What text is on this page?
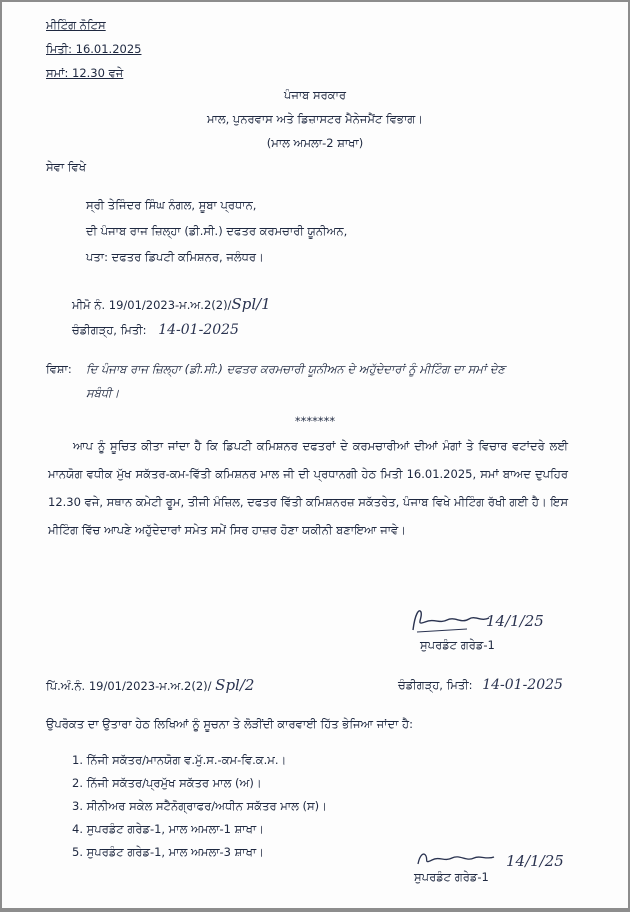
ਮੀਟਿੰਗ ਨੋਟਿਸ
ਮਿਤੀ: 16.01.2025
ਸਮਾਂ: 12.30 ਵਜੇ
ਪੰਜਾਬ ਸਰਕਾਰ
ਮਾਲ, ਪੁਨਰਵਾਸ ਅਤੇ ਡਿਜ਼ਾਸਟਰ ਮੈਨੇਜਮੈਂਟ ਵਿਭਾਗ।
(ਮਾਲ ਅਮਲਾ-2 ਸ਼ਾਖਾ)
ਸੇਵਾ ਵਿਖੇ
ਸ੍ਰੀ ਤੇਜਿੰਦਰ ਸਿੰਘ ਨੰਗਲ, ਸੂਬਾ ਪ੍ਰਧਾਨ,
ਦੀ ਪੰਜਾਬ ਰਾਜ ਜ਼ਿਲ੍ਹਾ (ਡੀ.ਸੀ.) ਦਫਤਰ ਕਰਮਚਾਰੀ ਯੂਨੀਅਨ,
ਪਤਾ: ਦਫਤਰ ਡਿਪਟੀ ਕਮਿਸ਼ਨਰ, ਜਲੰਧਰ।
ਮੀਮੋ ਨੰ. 19/01/2023-ਮ.ਅ.2(2)/Spl/1
ਚੰਡੀਗੜ੍ਹ, ਮਿਤੀ: 14-01-2025
ਵਿਸ਼ਾ: ਦਿ ਪੰਜਾਬ ਰਾਜ ਜ਼ਿਲ੍ਹਾ (ਡੀ.ਸੀ.) ਦਫਤਰ ਕਰਮਚਾਰੀ ਯੂਨੀਅਨ ਦੇ ਅਹੁੱਦੇਦਾਰਾਂ ਨੂੰ ਮੀਟਿੰਗ ਦਾ ਸਮਾਂ ਦੇਣ
ਸਬੰਧੀ।
*******
ਆਪ ਨੂੰ ਸੂਚਿਤ ਕੀਤਾ ਜਾਂਦਾ ਹੈ ਕਿ ਡਿਪਟੀ ਕਮਿਸ਼ਨਰ ਦਫਤਰਾਂ ਦੇ ਕਰਮਚਾਰੀਆਂ ਦੀਆਂ ਮੰਗਾਂ ਤੇ ਵਿਚਾਰ ਵਟਾਂਦਰੇ ਲਈ ਮਾਨਯੋਗ ਵਧੀਕ ਮੁੱਖ ਸਕੱਤਰ-ਕਮ-ਵਿੱਤੀ ਕਮਿਸ਼ਨਰ ਮਾਲ ਜੀ ਦੀ ਪ੍ਰਧਾਨਗੀ ਹੇਠ ਮਿਤੀ 16.01.2025, ਸਮਾਂ ਬਾਅਦ ਦੁਪਹਿਰ 12.30 ਵਜੇ, ਸਥਾਨ ਕਮੇਟੀ ਰੂਮ, ਤੀਜੀ ਮੰਜ਼ਿਲ, ਦਫਤਰ ਵਿੱਤੀ ਕਮਿਸ਼ਨਰਜ਼ ਸਕੱਤਰੇਤ, ਪੰਜਾਬ ਵਿਖੇ ਮੀਟਿੰਗ ਰੱਖੀ ਗਈ ਹੈ। ਇਸ ਮੀਟਿੰਗ ਵਿੱਚ ਆਪਣੇ ਅਹੁੱਦੇਦਾਰਾਂ ਸਮੇਤ ਸਮੇਂ ਸਿਰ ਹਾਜ਼ਰ ਹੋਣਾ ਯਕੀਨੀ ਬਣਾਇਆ ਜਾਵੇ।
14/1/25
ਸੁਪਰਡੰਟ ਗਰੇਡ-1
ਪਿੱ.ਅੰ.ਨੰ. 19/01/2023-ਮ.ਅ.2(2)/ Spl/2	ਚੰਡੀਗੜ੍ਹ, ਮਿਤੀ: 14-01-2025
ਉਪਰੋਕਤ ਦਾ ਉਤਾਰਾ ਹੇਠ ਲਿਖਿਆਂ ਨੂੰ ਸੂਚਨਾ ਤੇ ਲੋੜੀਂਦੀ ਕਾਰਵਾਈ ਹਿੱਤ ਭੇਜਿਆ ਜਾਂਦਾ ਹੈ:
1. ਨਿੱਜੀ ਸਕੱਤਰ/ਮਾਨਯੋਗ ਵ.ਮੁੱ.ਸ.-ਕਮ-ਵਿ.ਕ.ਮ.।
2. ਨਿੱਜੀ ਸਕੱਤਰ/ਪ੍ਰਮੁੱਖ ਸਕੱਤਰ ਮਾਲ (ਅ)।
3. ਸੀਨੀਅਰ ਸਕੇਲ ਸਟੈਨੋਗ੍ਰਾਫਰ/ਅਧੀਨ ਸਕੱਤਰ ਮਾਲ (ਸ)।
4. ਸੁਪਰਡੰਟ ਗਰੇਡ-1, ਮਾਲ ਅਮਲਾ-1 ਸ਼ਾਖਾ।
5. ਸੁਪਰਡੰਟ ਗਰੇਡ-1, ਮਾਲ ਅਮਲਾ-3 ਸ਼ਾਖਾ।	14/1/25
ਸੁਪਰਡੰਟ ਗਰੇਡ-1
